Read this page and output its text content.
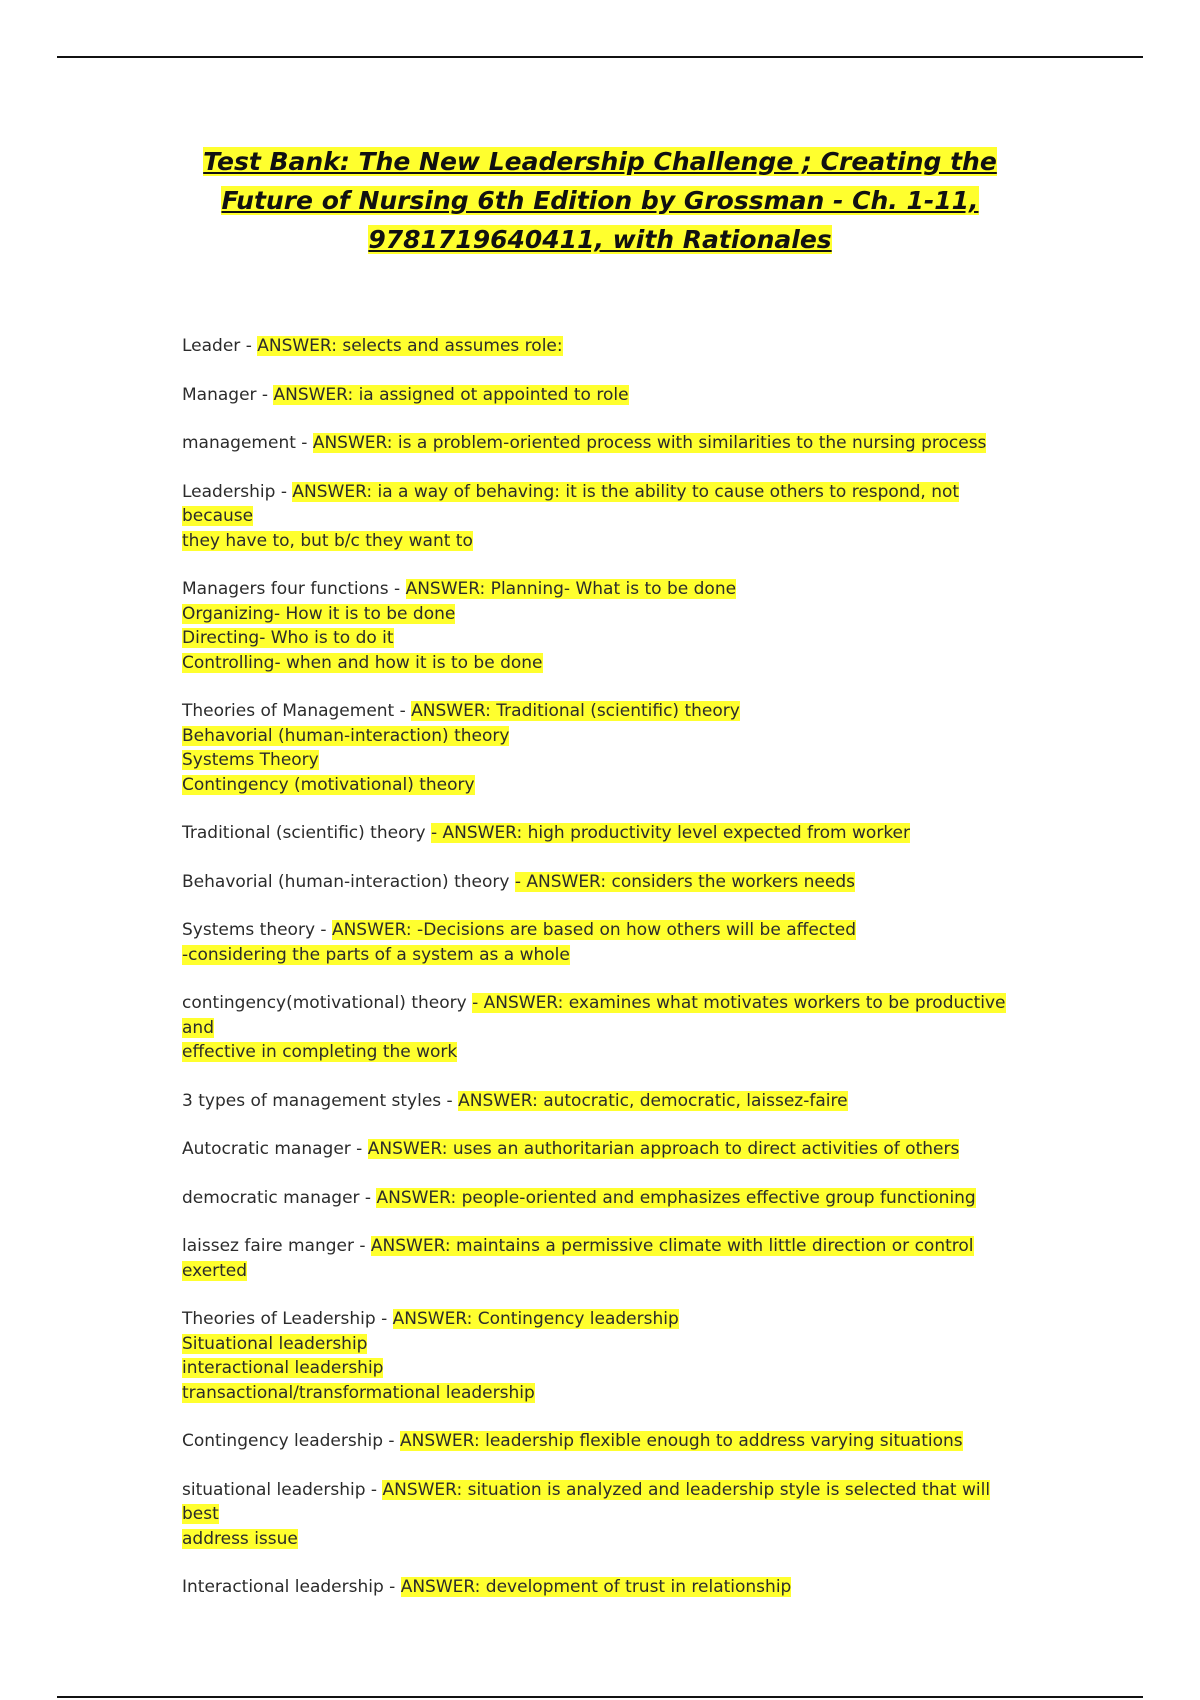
Test Bank: The New Leadership Challenge ; Creating the
Future of Nursing 6th Edition by Grossman - Ch. 1-11,
9781719640411, with Rationales
Leader - ANSWER: selects and assumes role:
Manager - ANSWER: ia assigned ot appointed to role
management - ANSWER: is a problem-oriented process with similarities to the nursing process
Leadership - ANSWER: ia a way of behaving: it is the ability to cause others to respond, not because
they have to, but b/c they want to
Managers four functions - ANSWER: Planning- What is to be done
Organizing- How it is to be done
Directing- Who is to do it
Controlling- when and how it is to be done
Theories of Management - ANSWER: Traditional (scientific) theory
Behavorial (human-interaction) theory
Systems Theory
Contingency (motivational) theory
Traditional (scientific) theory - ANSWER: high productivity level expected from worker
Behavorial (human-interaction) theory - ANSWER: considers the workers needs
Systems theory - ANSWER: -Decisions are based on how others will be affected
-considering the parts of a system as a whole
contingency(motivational) theory - ANSWER: examines what motivates workers to be productive and
effective in completing the work
3 types of management styles - ANSWER: autocratic, democratic, laissez-faire
Autocratic manager - ANSWER: uses an authoritarian approach to direct activities of others
democratic manager - ANSWER: people-oriented and emphasizes effective group functioning
laissez faire manger - ANSWER: maintains a permissive climate with little direction or control exerted
Theories of Leadership - ANSWER: Contingency leadership
Situational leadership
interactional leadership
transactional/transformational leadership
Contingency leadership - ANSWER: leadership flexible enough to address varying situations
situational leadership - ANSWER: situation is analyzed and leadership style is selected that will best
address issue
Interactional leadership - ANSWER: development of trust in relationship
